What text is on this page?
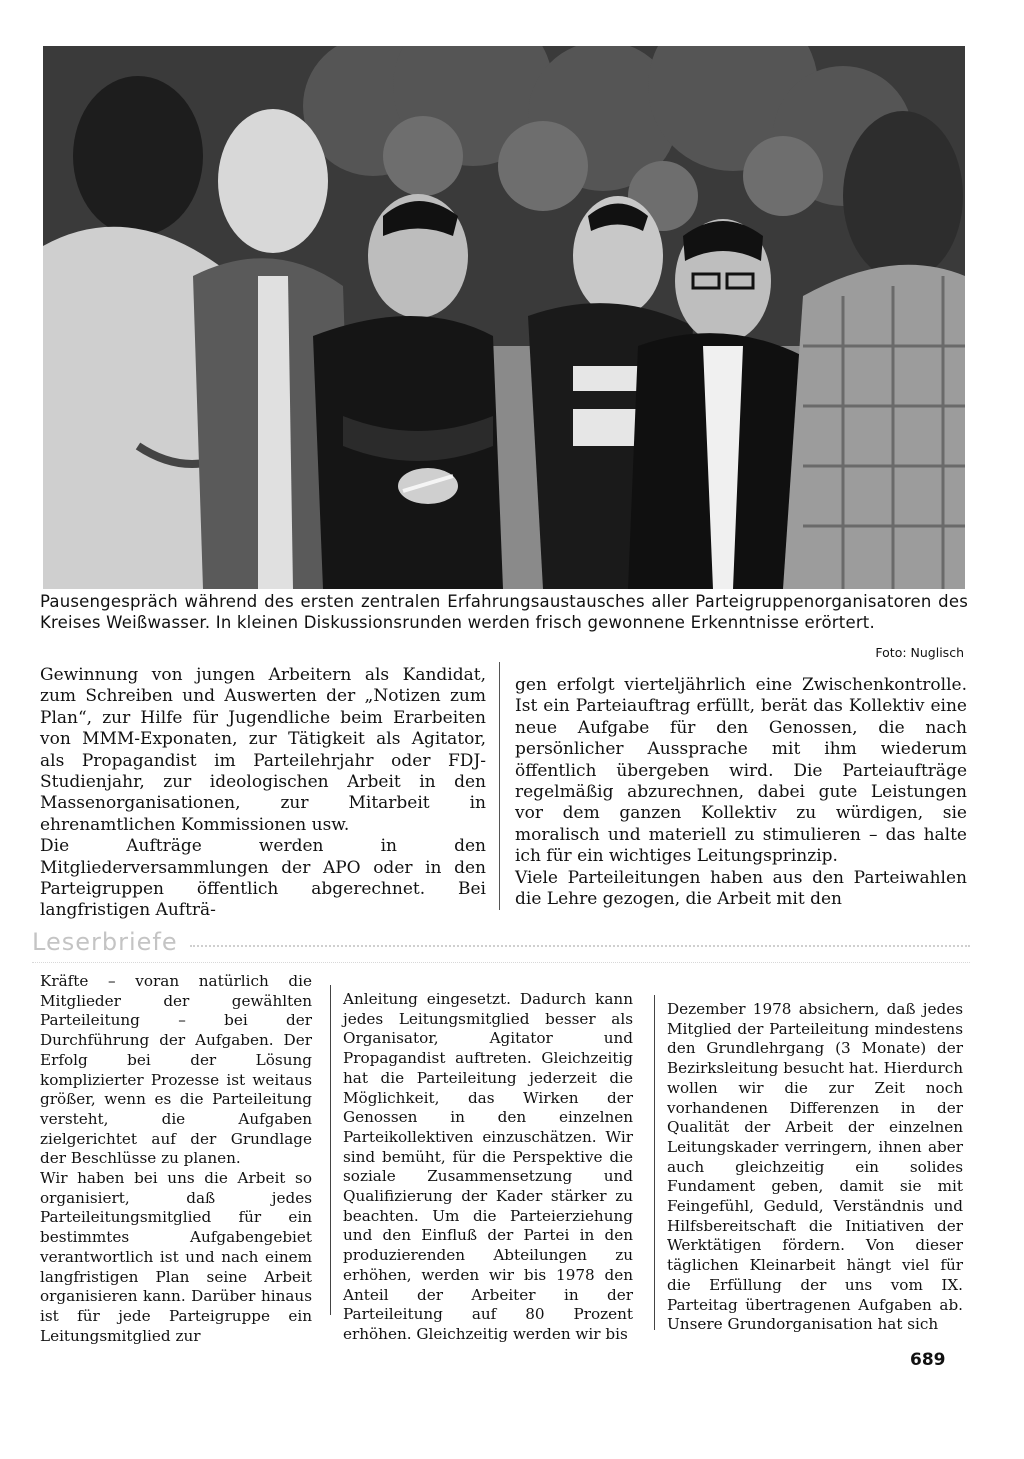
Pausengespräch während des ersten zentralen Erfahrungsaustausches aller Parteigruppenorganisatoren des Kreises Weißwasser. In kleinen Diskussionsrunden werden frisch gewonnene Erkenntnisse erörtert.
Foto: Nuglisch

Gewinnung von jungen Arbeitern als Kandidat, zum Schreiben und Auswerten der „Notizen zum Plan“, zur Hilfe für Jugendliche beim Erarbeiten von MMM-Exponaten, zur Tätigkeit als Agitator, als Propagandist im Parteilehrjahr oder FDJ-Studienjahr, zur ideologischen Arbeit in den Massenorganisationen, zur Mitarbeit in ehrenamtlichen Kommissionen usw.

Die Aufträge werden in den Mitgliederversammlungen der APO oder in den Parteigruppen öffentlich abgerechnet. Bei langfristigen Aufträ-

gen erfolgt vierteljährlich eine Zwischenkontrolle. Ist ein Parteiauftrag erfüllt, berät das Kollektiv eine neue Aufgabe für den Genossen, die nach persönlicher Aussprache mit ihm wiederum öffentlich übergeben wird. Die Parteiaufträge regelmäßig abzurechnen, dabei gute Leistungen vor dem ganzen Kollektiv zu würdigen, sie moralisch und materiell zu stimulieren – das halte ich für ein wichtiges Leitungsprinzip.

Viele Parteileitungen haben aus den Parteiwahlen die Lehre gezogen, die Arbeit mit den

Leserbriefe

Kräfte – voran natürlich die Mitglieder der gewählten Parteileitung – bei der Durchführung der Aufgaben. Der Erfolg bei der Lösung komplizierter Prozesse ist weitaus größer, wenn es die Parteileitung versteht, die Aufgaben zielgerichtet auf der Grundlage der Beschlüsse zu planen.

Wir haben bei uns die Arbeit so organisiert, daß jedes Parteileitungsmitglied für ein bestimmtes Aufgabengebiet verantwortlich ist und nach einem langfristigen Plan seine Arbeit organisieren kann. Darüber hinaus ist für jede Parteigruppe ein Leitungsmitglied zur

Anleitung eingesetzt. Dadurch kann jedes Leitungsmitglied besser als Organisator, Agitator und Propagandist auftreten. Gleichzeitig hat die Parteileitung jederzeit die Möglichkeit, das Wirken der Genossen in den einzelnen Parteikollektiven einzuschätzen. Wir sind bemüht, für die Perspektive die soziale Zusammensetzung und Qualifizierung der Kader stärker zu beachten. Um die Parteierziehung und den Einfluß der Partei in den produzierenden Abteilungen zu erhöhen, werden wir bis 1978 den Anteil der Arbeiter in der Parteileitung auf 80 Prozent erhöhen. Gleichzeitig werden wir bis

Dezember 1978 absichern, daß jedes Mitglied der Parteileitung mindestens den Grundlehrgang (3 Monate) der Bezirksleitung besucht hat. Hierdurch wollen wir die zur Zeit noch vorhandenen Differenzen in der Qualität der Arbeit der einzelnen Leitungskader verringern, ihnen aber auch gleichzeitig ein solides Fundament geben, damit sie mit Feingefühl, Geduld, Verständnis und Hilfsbereitschaft die Initiativen der Werktätigen fördern. Von dieser täglichen Kleinarbeit hängt viel für die Erfüllung der uns vom IX. Parteitag übertragenen Aufgaben ab. Unsere Grundorganisation hat sich

689
